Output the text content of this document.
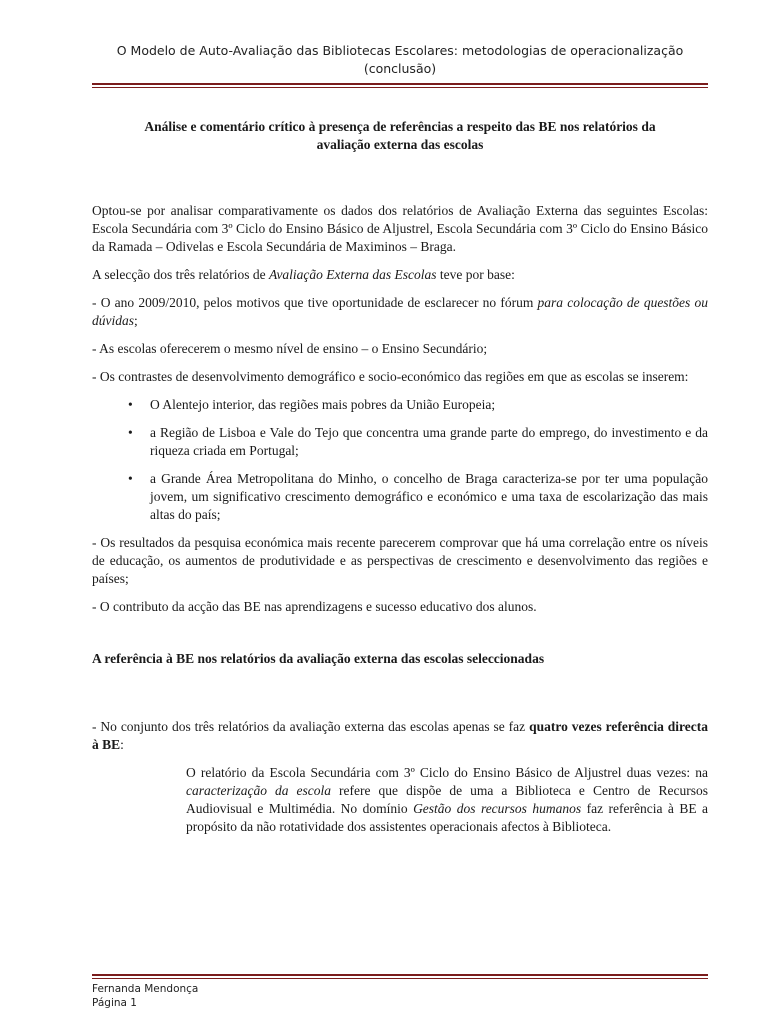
O Modelo de Auto-Avaliação das Bibliotecas Escolares: metodologias de operacionalização
(conclusão)

Análise e comentário crítico à presença de referências a respeito das BE nos relatórios da
avaliação externa das escolas

Optou-se por analisar comparativamente os dados dos relatórios de Avaliação Externa das seguintes Escolas: Escola Secundária com 3º Ciclo do Ensino Básico de Aljustrel, Escola Secundária com 3º Ciclo do Ensino Básico da Ramada – Odivelas e Escola Secundária de Maximinos – Braga.

A selecção dos três relatórios de Avaliação Externa das Escolas teve por base:

- O ano 2009/2010, pelos motivos que tive oportunidade de esclarecer no fórum para colocação de questões ou dúvidas;

- As escolas oferecerem o mesmo nível de ensino – o Ensino Secundário;

- Os contrastes de desenvolvimento demográfico e socio-económico das regiões em que as escolas se inserem:

• O Alentejo interior, das regiões mais pobres da União Europeia;
• a Região de Lisboa e Vale do Tejo que concentra uma grande parte do emprego, do investimento e da riqueza criada em Portugal;
• a Grande Área Metropolitana do Minho, o concelho de Braga caracteriza-se por ter uma população jovem, um significativo crescimento demográfico e económico e uma taxa de escolarização das mais altas do país;

- Os resultados da pesquisa económica mais recente parecerem comprovar que há uma correlação entre os níveis de educação, os aumentos de produtividade e as perspectivas de crescimento e desenvolvimento das regiões e países;

- O contributo da acção das BE nas aprendizagens e sucesso educativo dos alunos.

A referência à BE nos relatórios da avaliação externa das escolas seleccionadas

- No conjunto dos três relatórios da avaliação externa das escolas apenas se faz quatro vezes referência directa à BE:

O relatório da Escola Secundária com 3º Ciclo do Ensino Básico de Aljustrel duas vezes: na caracterização da escola refere que dispõe de uma a Biblioteca e Centro de Recursos Audiovisual e Multimédia. No domínio Gestão dos recursos humanos faz referência à BE a propósito da não rotatividade dos assistentes operacionais afectos à Biblioteca.

Fernanda Mendonça
Página 1
